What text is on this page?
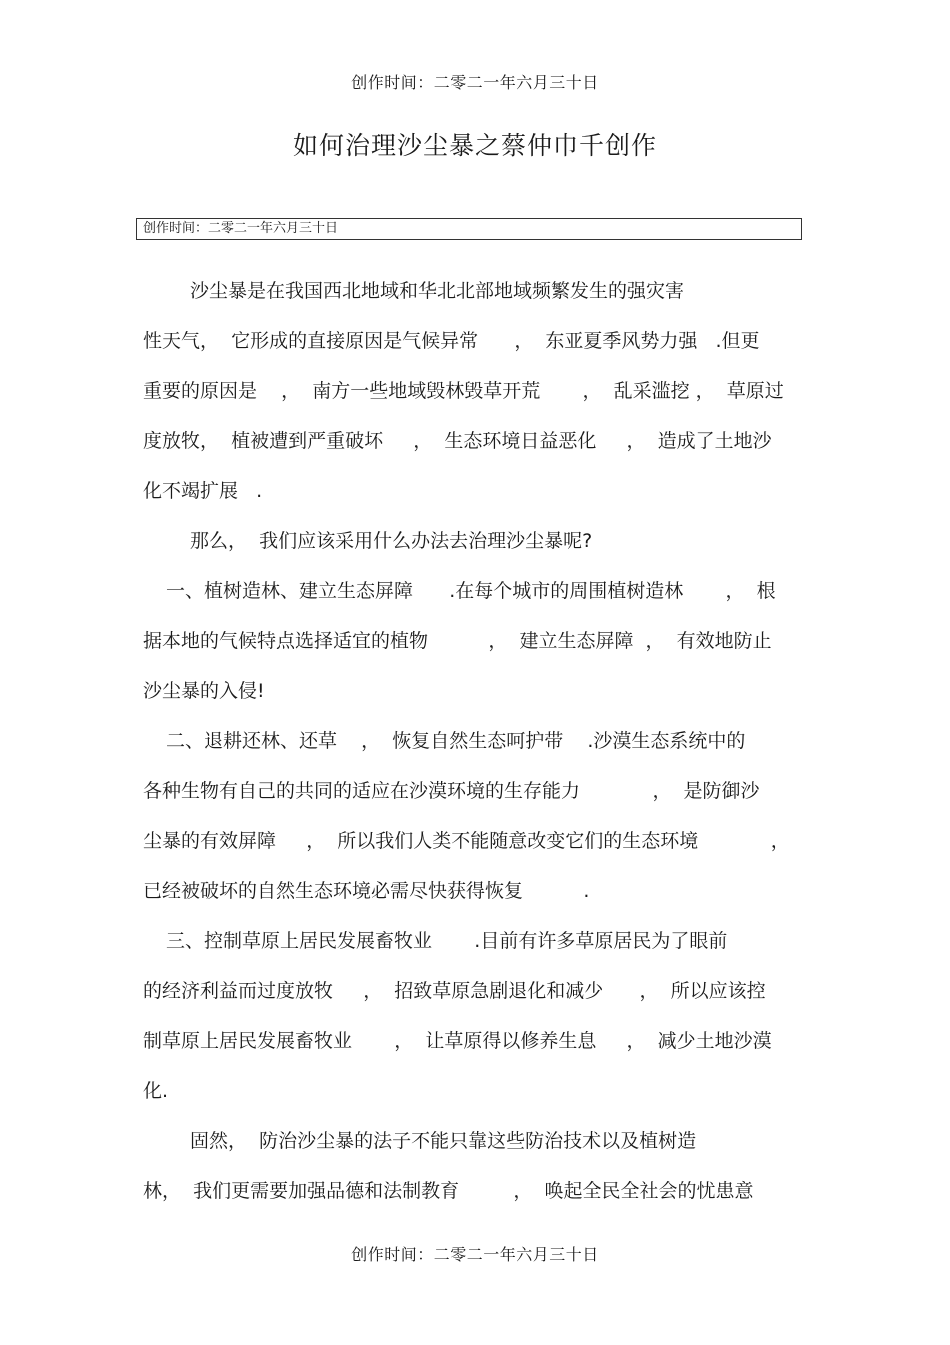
创作时间：二零二一年六月三十日
如何治理沙尘暴之蔡仲巾千创作
创作时间：二零二一年六月三十日
沙尘暴是在我国西北地域和华北北部地域频繁发生的强灾害
性天气，  它形成的直接原因是气候异常      ，  东亚夏季风势力强   .但更
重要的原因是    ，  南方一些地域毁林毁草开荒       ，  乱采滥挖 ，  草原过
度放牧，  植被遭到严重破坏     ，  生态环境日益恶化     ，  造成了土地沙
化不竭扩展   .
那么，  我们应该采用什么办法去治理沙尘暴呢?
一、植树造林、建立生态屏障      .在每个城市的周围植树造林       ，  根
据本地的气候特点选择适宜的植物          ，  建立生态屏障  ，  有效地防止
沙尘暴的入侵!
二、退耕还林、还草    ，  恢复自然生态呵护带    .沙漠生态系统中的
各种生物有自己的共同的适应在沙漠环境的生存能力            ，  是防御沙
尘暴的有效屏障     ，  所以我们人类不能随意改变它们的生态环境            ，
已经被破坏的自然生态环境必需尽快获得恢复          .
三、控制草原上居民发展畜牧业       .目前有许多草原居民为了眼前
的经济利益而过度放牧     ，  招致草原急剧退化和减少      ，  所以应该控
制草原上居民发展畜牧业       ，  让草原得以修养生息     ，  减少土地沙漠
化.
固然，  防治沙尘暴的法子不能只靠这些防治技术以及植树造
林，  我们更需要加强品德和法制教育         ，  唤起全民全社会的忧患意
创作时间：二零二一年六月三十日
